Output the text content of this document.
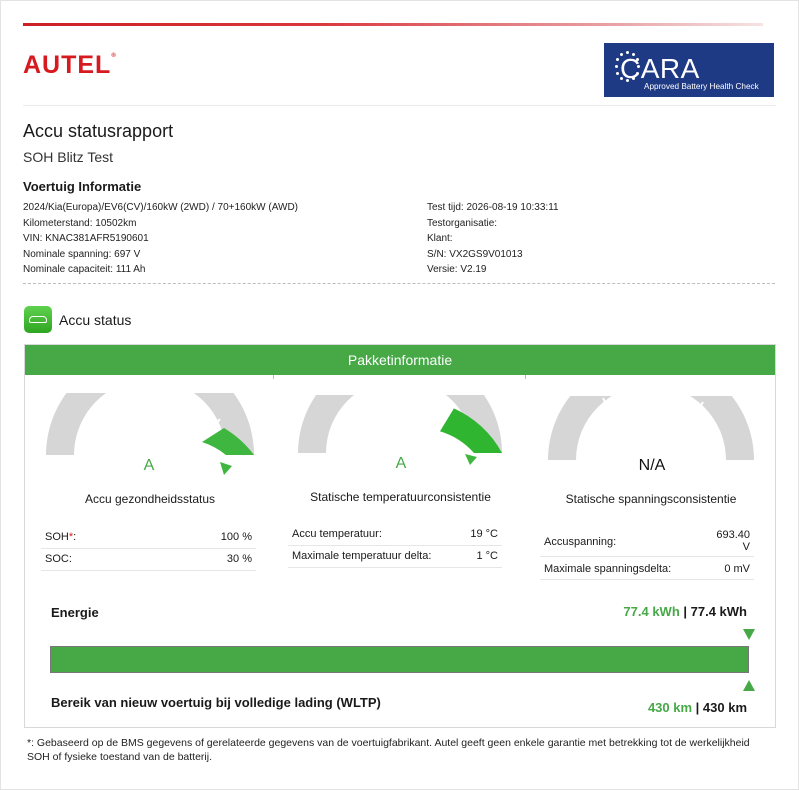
AUTEL®	CARA
Approved Battery Health Check
Accu statusrapport
SOH Blitz Test
Voertuig Informatie
2024/Kia(Europa)/EV6(CV)/160kW (2WD) / 70+160kW (AWD)
Kilometerstand: 10502km
VIN: KNAC381AFR5190601
Nominale spanning: 697 V
Nominale capaciteit: 111 Ah
Test tijd: 2026-08-19 10:33:11
Testorganisatie:
Klant:
S/N: VX2GS9V01013
Versie: V2.19
Accu status
Pakketinformatie
A
Accu gezondheidsstatus
A
Statische temperatuurconsistentie
N/A
Statische spanningsconsistentie
SOH*:	100 %
SOC:	30 %
Accu temperatuur:	19 °C
Maximale temperatuur delta:	1 °C
Accuspanning:
693.40
V
Maximale spanningsdelta:	0 mV
Energie	77.4 kWh | 77.4 kWh
Bereik van nieuw voertuig bij volledige lading (WLTP)	430 km | 430 km
*: Gebaseerd op de BMS gegevens of gerelateerde gegevens van de voertuigfabrikant. Autel geeft geen enkele garantie met betrekking tot de werkelijkheid SOH of fysieke toestand van de batterij.
